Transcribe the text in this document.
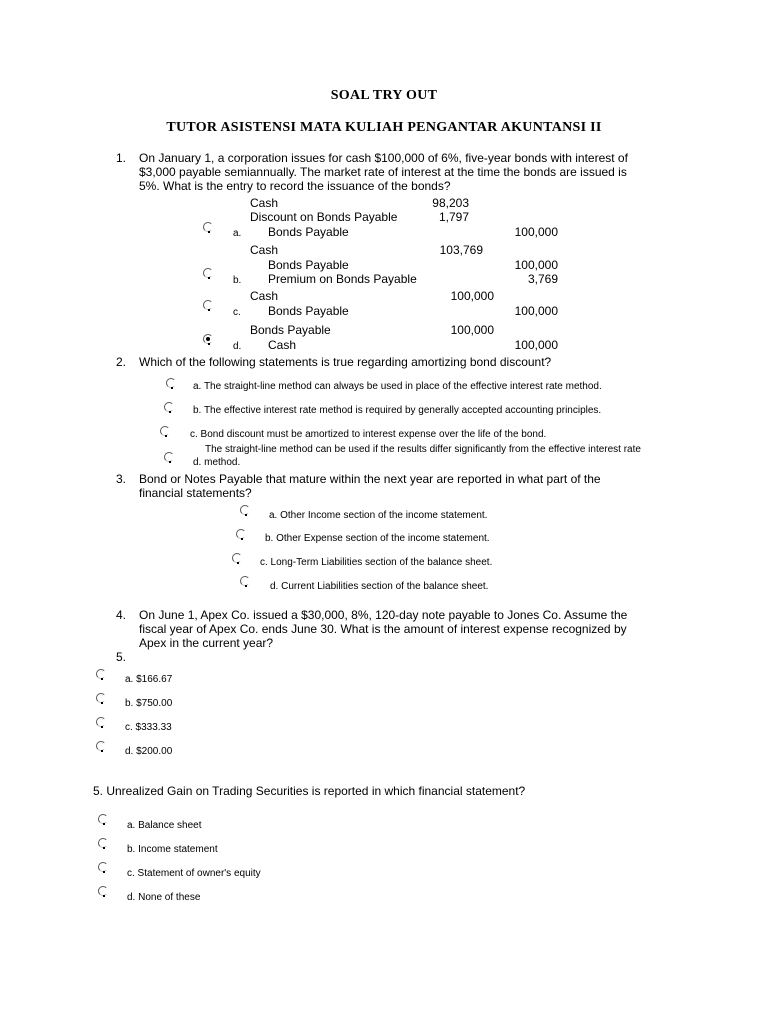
SOAL TRY OUT
TUTOR ASISTENSI MATA KULIAH PENGANTAR AKUNTANSI II
1. On January 1, a corporation issues for cash $100,000 of 6%, five-year bonds with interest of
$3,000 payable semiannually. The market rate of interest at the time the bonds are issued is
5%. What is the entry to record the issuance of the bonds?
Cash	98,203
Discount on Bonds Payable	1,797
a. Bonds Payable	100,000
Cash	103,769
Bonds Payable	100,000
b. Premium on Bonds Payable	3,769
Cash	100,000
c. Bonds Payable	100,000
Bonds Payable	100,000
d. Cash	100,000
2. Which of the following statements is true regarding amortizing bond discount?
a. The straight-line method can always be used in place of the effective interest rate method.
b. The effective interest rate method is required by generally accepted accounting principles.
c. Bond discount must be amortized to interest expense over the life of the bond.
The straight-line method can be used if the results differ significantly from the effective interest rate
d. method.
3. Bond or Notes Payable that mature within the next year are reported in what part of the
financial statements?
a. Other Income section of the income statement.
b. Other Expense section of the income statement.
c. Long-Term Liabilities section of the balance sheet.
d. Current Liabilities section of the balance sheet.
4. On June 1, Apex Co. issued a $30,000, 8%, 120-day note payable to Jones Co. Assume the
fiscal year of Apex Co. ends June 30. What is the amount of interest expense recognized by
Apex in the current year?
5.
a. $166.67
b. $750.00
c. $333.33
d. $200.00
5. Unrealized Gain on Trading Securities is reported in which financial statement?
a. Balance sheet
b. Income statement
c. Statement of owner's equity
d. None of these
